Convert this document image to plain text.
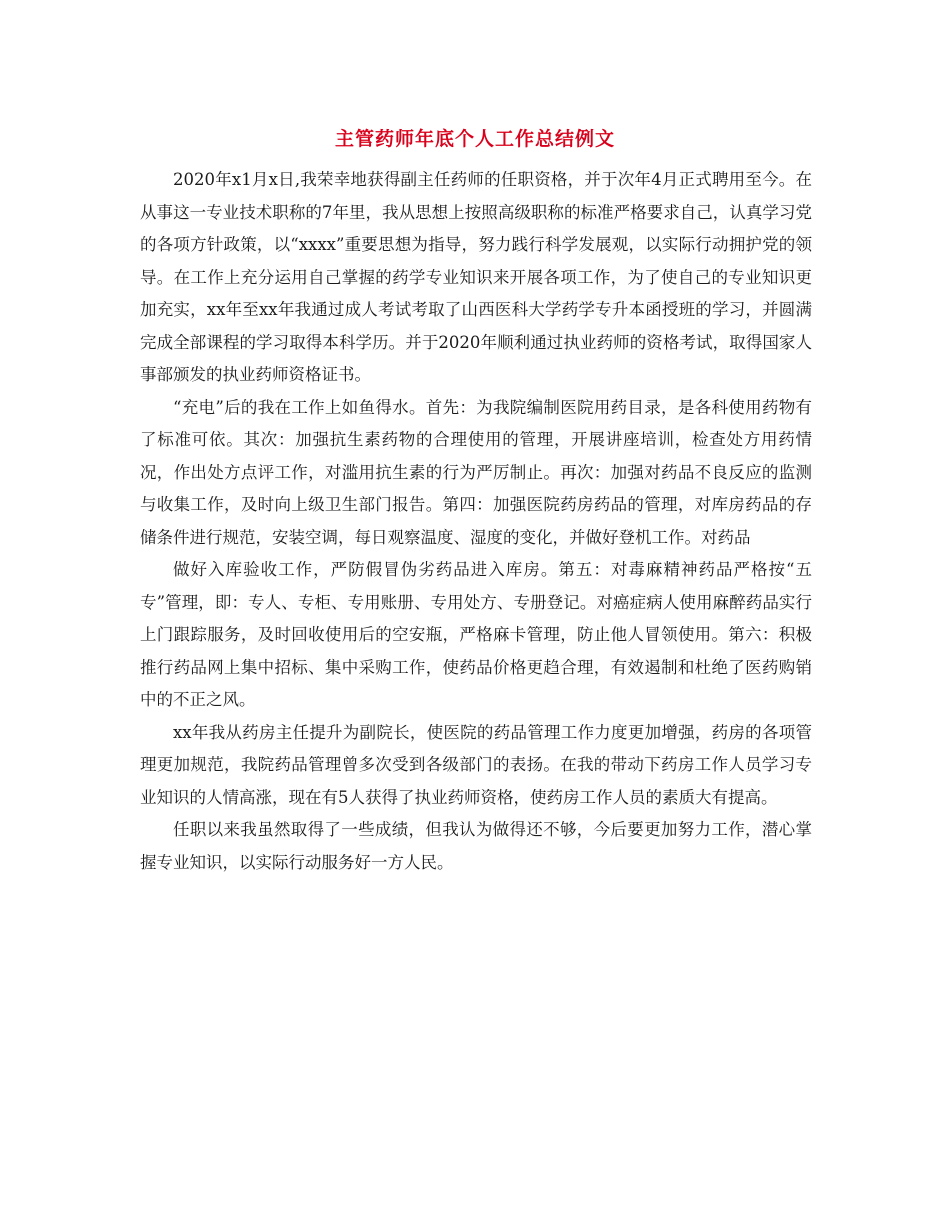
主管药师年底个人工作总结例文

2020年x1月x日,我荣幸地获得副主任药师的任职资格，并于次年4月正式聘用至今。在从事这一专业技术职称的7年里，我从思想上按照高级职称的标准严格要求自己，认真学习党的各项方针政策，以“xxxx”重要思想为指导，努力践行科学发展观，以实际行动拥护党的领导。在工作上充分运用自己掌握的药学专业知识来开展各项工作，为了使自己的专业知识更加充实，xx年至xx年我通过成人考试考取了山西医科大学药学专升本函授班的学习，并圆满完成全部课程的学习取得本科学历。并于2020年顺利通过执业药师的资格考试，取得国家人事部颁发的执业药师资格证书。

“充电”后的我在工作上如鱼得水。首先：为我院编制医院用药目录，是各科使用药物有了标准可依。其次：加强抗生素药物的合理使用的管理，开展讲座培训，检查处方用药情况，作出处方点评工作，对滥用抗生素的行为严厉制止。再次：加强对药品不良反应的监测与收集工作，及时向上级卫生部门报告。第四：加强医院药房药品的管理，对库房药品的存储条件进行规范，安装空调，每日观察温度、湿度的变化，并做好登机工作。对药品

做好入库验收工作，严防假冒伪劣药品进入库房。第五：对毒麻精神药品严格按“五专”管理，即：专人、专柜、专用账册、专用处方、专册登记。对癌症病人使用麻醉药品实行上门跟踪服务，及时回收使用后的空安瓶，严格麻卡管理，防止他人冒领使用。第六：积极推行药品网上集中招标、集中采购工作，使药品价格更趋合理，有效遏制和杜绝了医药购销中的不正之风。

xx年我从药房主任提升为副院长，使医院的药品管理工作力度更加增强，药房的各项管理更加规范，我院药品管理曾多次受到各级部门的表扬。在我的带动下药房工作人员学习专业知识的人情高涨，现在有5人获得了执业药师资格，使药房工作人员的素质大有提高。

任职以来我虽然取得了一些成绩，但我认为做得还不够，今后要更加努力工作，潜心掌握专业知识，以实际行动服务好一方人民。
